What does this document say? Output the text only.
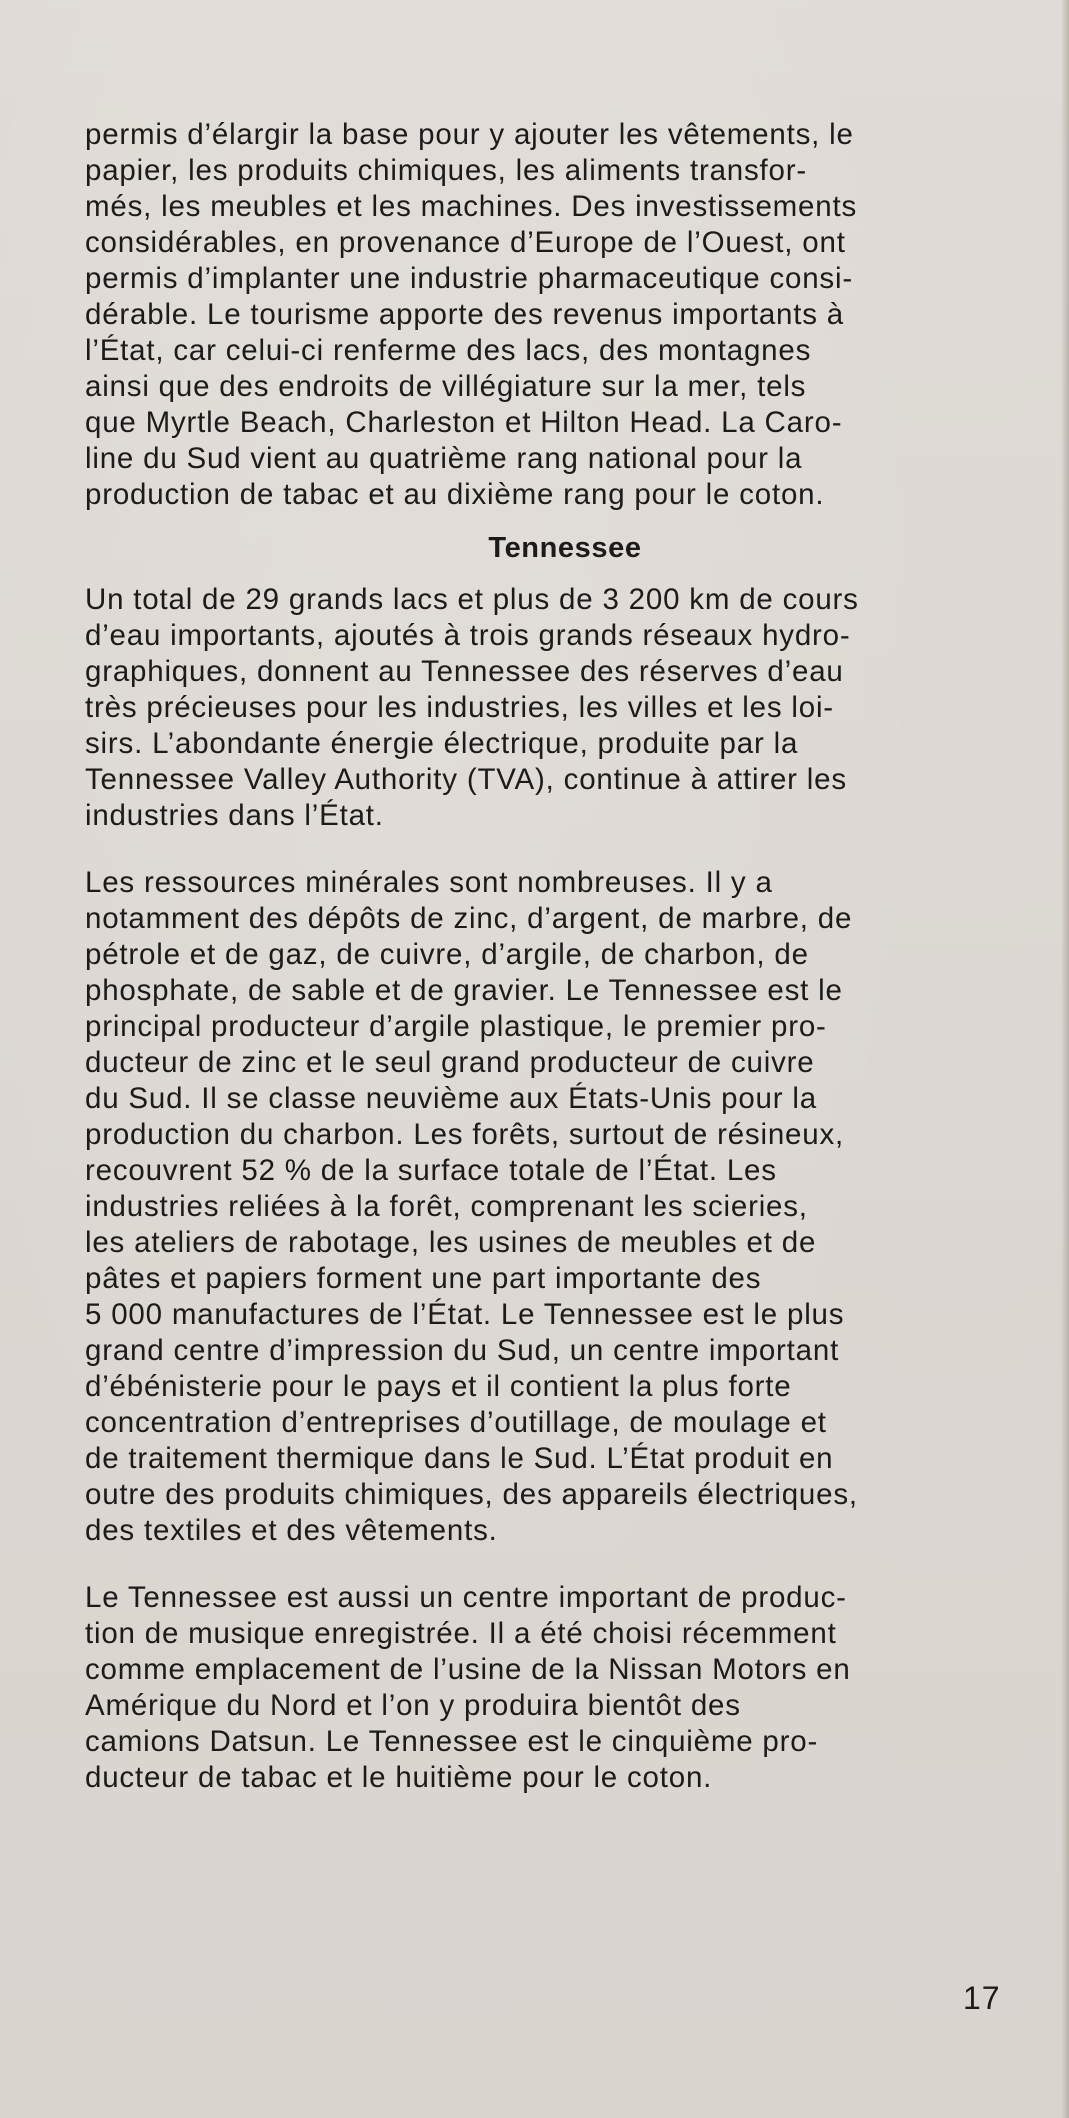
permis d’élargir la base pour y ajouter les vêtements, le
papier, les produits chimiques, les aliments transfor-
més, les meubles et les machines. Des investissements
considérables, en provenance d’Europe de l’Ouest, ont
permis d’implanter une industrie pharmaceutique consi-
dérable. Le tourisme apporte des revenus importants à
l’État, car celui-ci renferme des lacs, des montagnes
ainsi que des endroits de villégiature sur la mer, tels
que Myrtle Beach, Charleston et Hilton Head. La Caro-
line du Sud vient au quatrième rang national pour la
production de tabac et au dixième rang pour le coton.

Tennessee

Un total de 29 grands lacs et plus de 3 200 km de cours
d’eau importants, ajoutés à trois grands réseaux hydro-
graphiques, donnent au Tennessee des réserves d’eau
très précieuses pour les industries, les villes et les loi-
sirs. L’abondante énergie électrique, produite par la
Tennessee Valley Authority (TVA), continue à attirer les
industries dans l’État.

Les ressources minérales sont nombreuses. Il y a
notamment des dépôts de zinc, d’argent, de marbre, de
pétrole et de gaz, de cuivre, d’argile, de charbon, de
phosphate, de sable et de gravier. Le Tennessee est le
principal producteur d’argile plastique, le premier pro-
ducteur de zinc et le seul grand producteur de cuivre
du Sud. Il se classe neuvième aux États-Unis pour la
production du charbon. Les forêts, surtout de résineux,
recouvrent 52 % de la surface totale de l’État. Les
industries reliées à la forêt, comprenant les scieries,
les ateliers de rabotage, les usines de meubles et de
pâtes et papiers forment une part importante des
5 000 manufactures de l’État. Le Tennessee est le plus
grand centre d’impression du Sud, un centre important
d’ébénisterie pour le pays et il contient la plus forte
concentration d’entreprises d’outillage, de moulage et
de traitement thermique dans le Sud. L’État produit en
outre des produits chimiques, des appareils électriques,
des textiles et des vêtements.

Le Tennessee est aussi un centre important de produc-
tion de musique enregistrée. Il a été choisi récemment
comme emplacement de l’usine de la Nissan Motors en
Amérique du Nord et l’on y produira bientôt des
camions Datsun. Le Tennessee est le cinquième pro-
ducteur de tabac et le huitième pour le coton.

17
